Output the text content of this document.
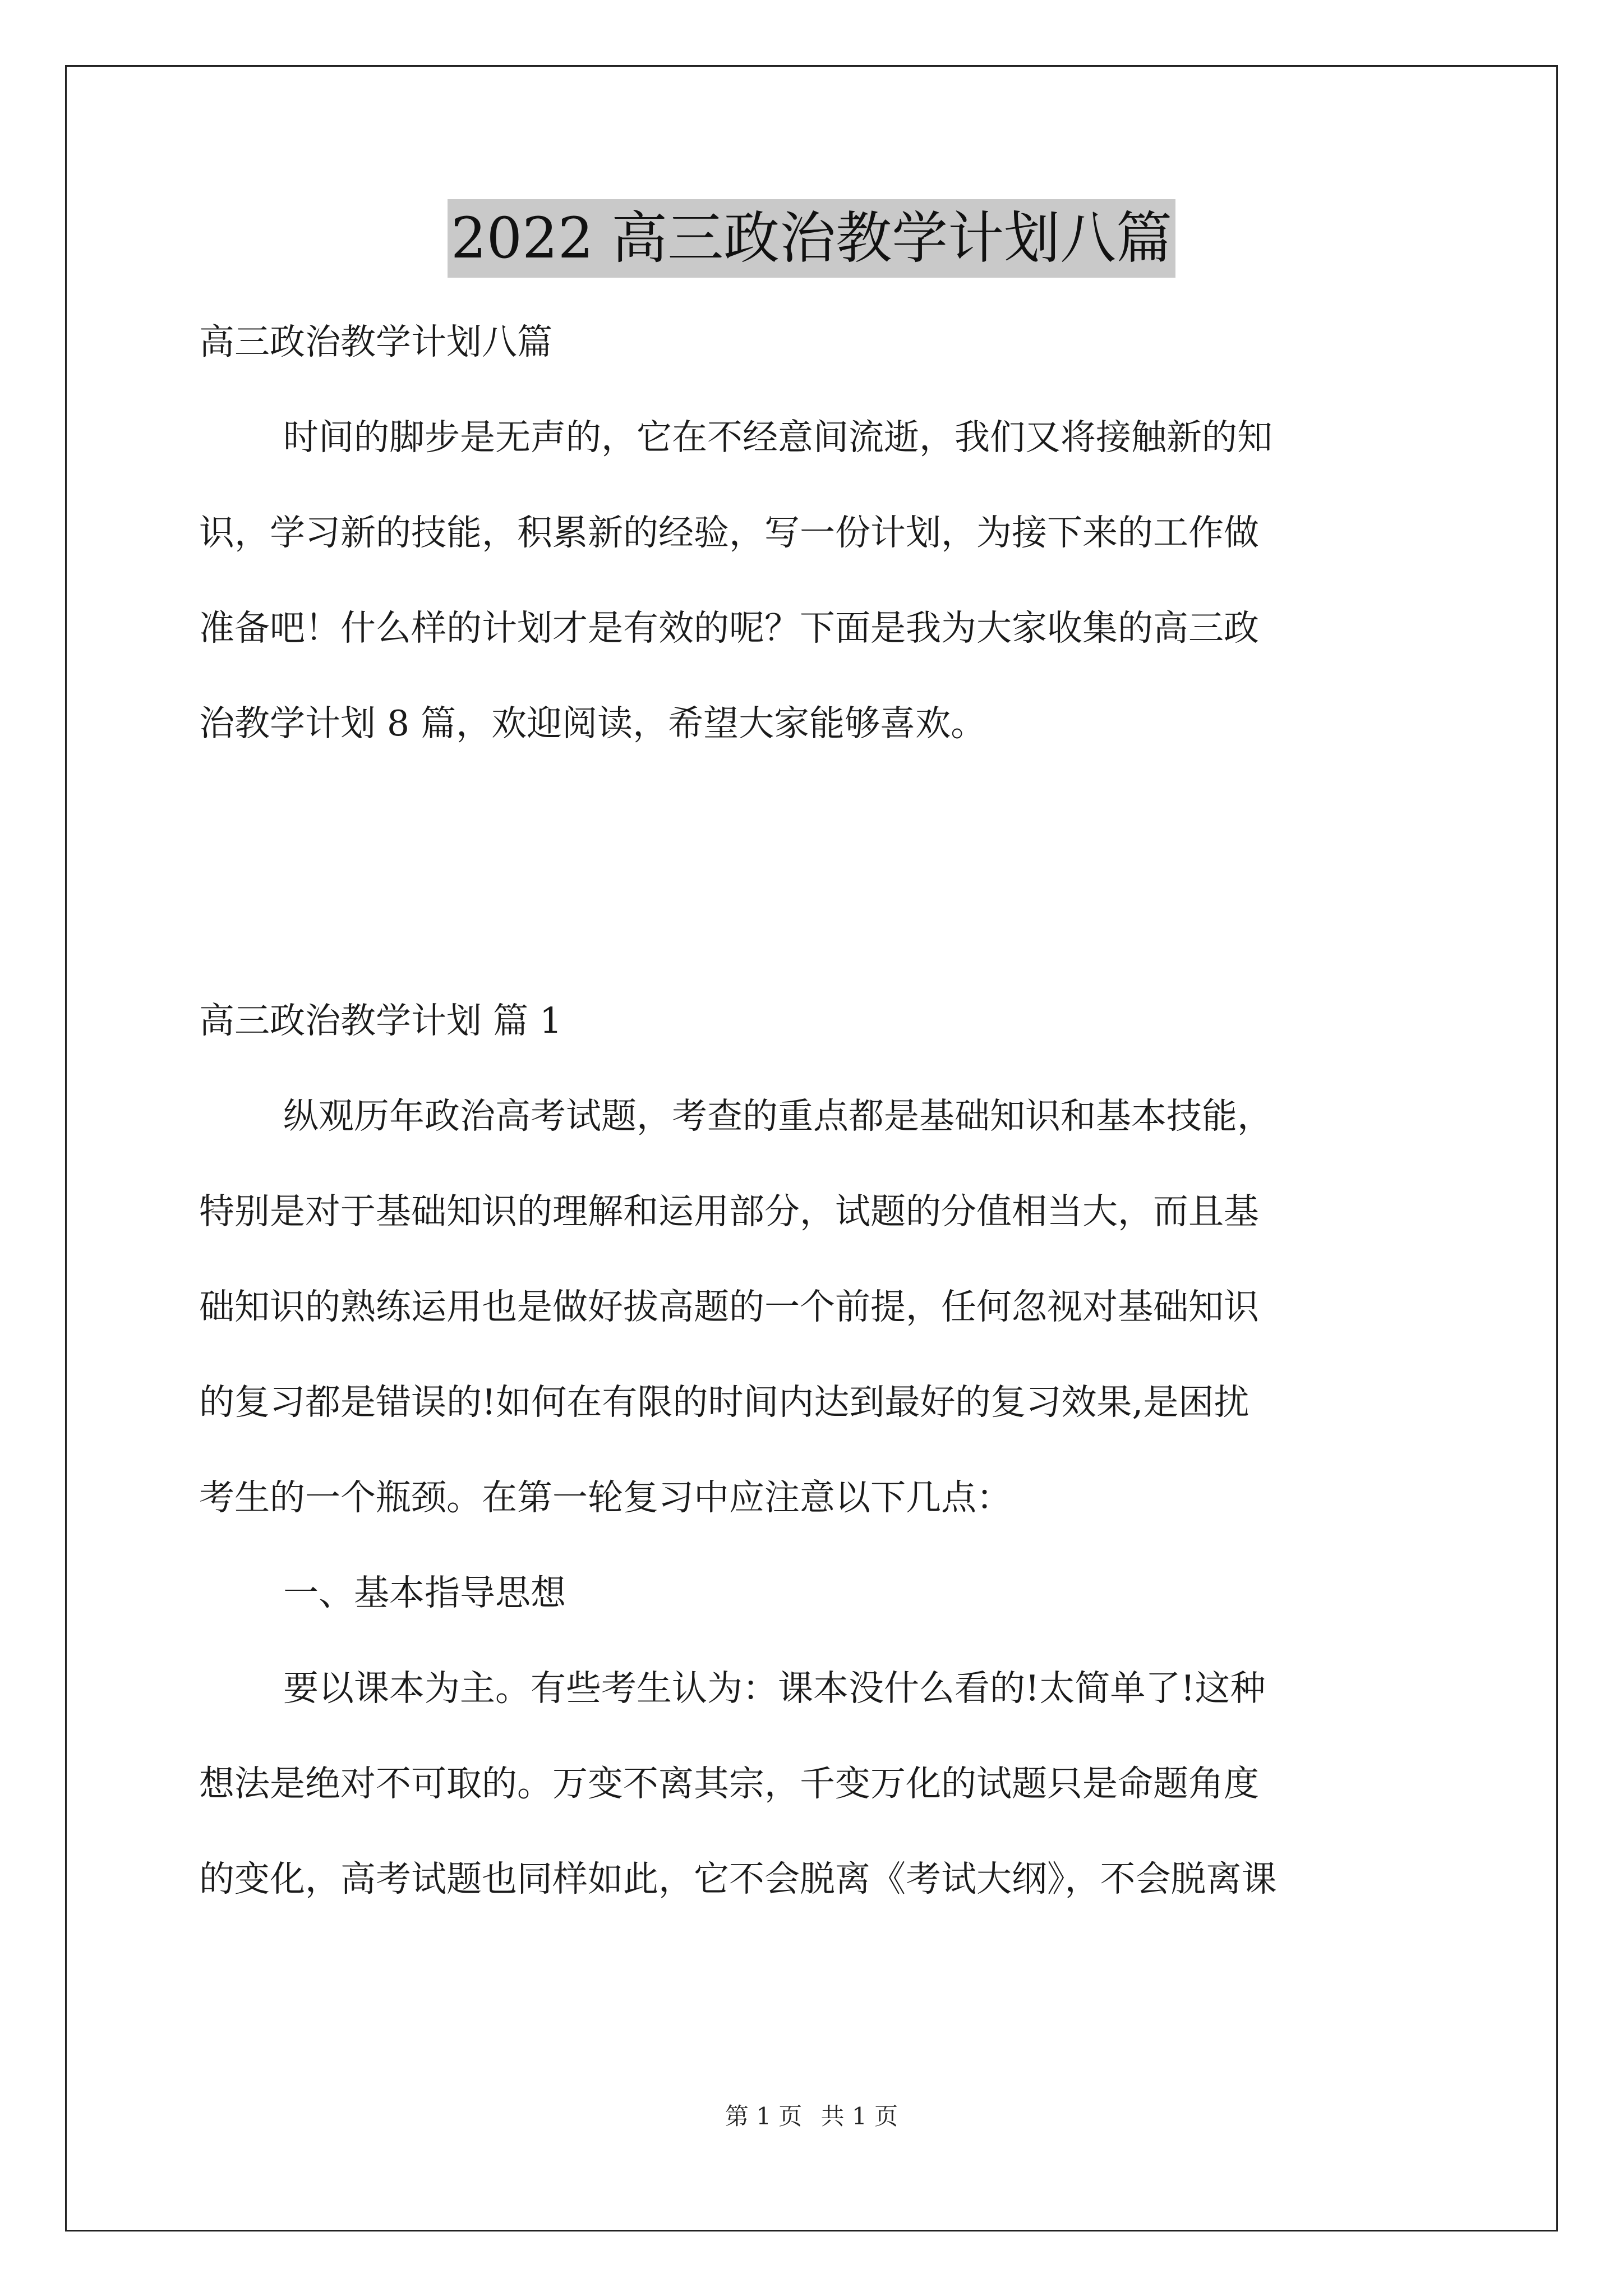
2022 高三政治教学计划八篇
高三政治教学计划八篇
时间的脚步是无声的，它在不经意间流逝，我们又将接触新的知
识，学习新的技能，积累新的经验，写一份计划，为接下来的工作做
准备吧！什么样的计划才是有效的呢？下面是我为大家收集的高三政
治教学计划 8 篇，欢迎阅读，希望大家能够喜欢。
高三政治教学计划 篇 1
纵观历年政治高考试题，考查的重点都是基础知识和基本技能，
特别是对于基础知识的理解和运用部分，试题的分值相当大，而且基
础知识的熟练运用也是做好拔高题的一个前提，任何忽视对基础知识
的复习都是错误的!如何在有限的时间内达到最好的复习效果,是困扰
考生的一个瓶颈。在第一轮复习中应注意以下几点：
一、基本指导思想
要以课本为主。有些考生认为：课本没什么看的!太简单了!这种
想法是绝对不可取的。万变不离其宗，千变万化的试题只是命题角度
的变化，高考试题也同样如此，它不会脱离《考试大纲》，不会脱离课
第 1 页 共 1 页
